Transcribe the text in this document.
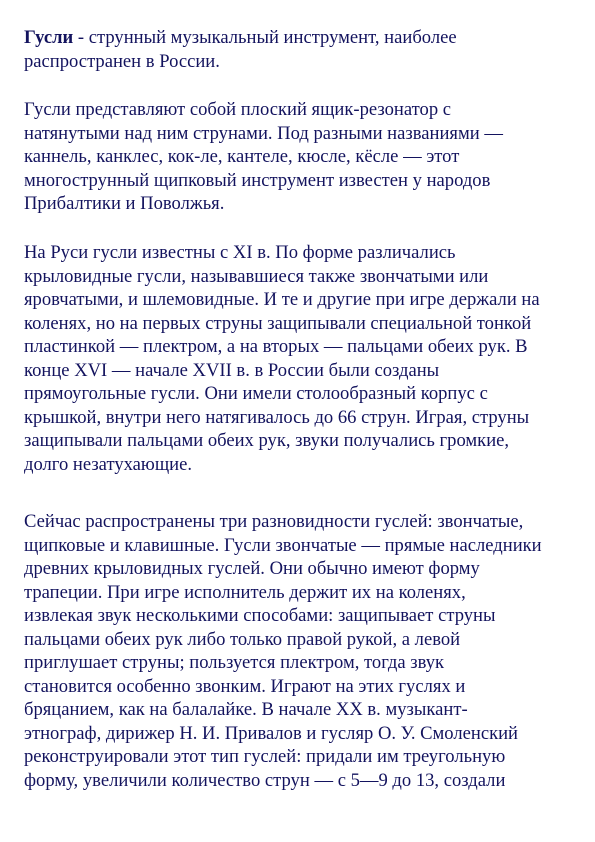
Гусли - струнный музыкальный инструмент, наиболее
распространен в России.
Гусли представляют собой плоский ящик-резонатор с
натянутыми над ним струнами. Под разными названиями —
каннель, канклес, кок-ле, кантеле, кюсле, кёсле — этот
многострунный щипковый инструмент известен у народов
Прибалтики и Поволжья.
На Руси гусли известны с XI в. По форме различались
крыловидные гусли, называвшиеся также звончатыми или
яровчатыми, и шлемовидные. И те и другие при игре держали на
коленях, но на первых струны защипывали специальной тонкой
пластинкой — плектром, а на вторых — пальцами обеих рук. В
конце XVI — начале XVII в. в России были созданы
прямоугольные гусли. Они имели столообразный корпус с
крышкой, внутри него натягивалось до 66 струн. Играя, струны
защипывали пальцами обеих рук, звуки получались громкие,
долго незатухающие.
Сейчас распространены три разновидности гуслей: звончатые,
щипковые и клавишные. Гусли звончатые — прямые наследники
древних крыловидных гуслей. Они обычно имеют форму
трапеции. При игре исполнитель держит их на коленях,
извлекая звук несколькими способами: защипывает струны
пальцами обеих рук либо только правой рукой, а левой
приглушает струны; пользуется плектром, тогда звук
становится особенно звонким. Играют на этих гуслях и
бряцанием, как на балалайке. В начале XX в. музыкант-
этнограф, дирижер Н. И. Привалов и гусляр О. У. Смоленский
реконструировали этот тип гуслей: придали им треугольную
форму, увеличили количество струн — с 5—9 до 13, создали
